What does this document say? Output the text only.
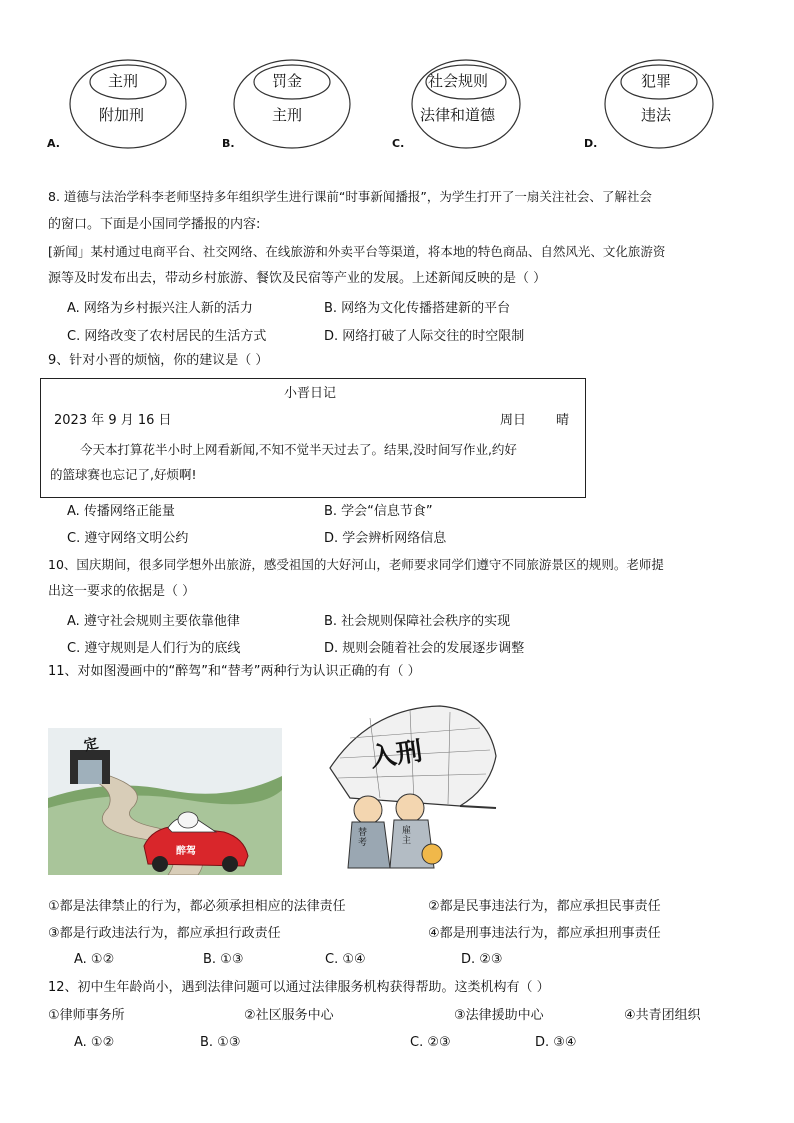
主刑
附加刑
A.
罚金
主刑
B.
社会规则
法律和道德
C.
犯罪
违法
D.
8. 道德与法治学科李老师坚持多年组织学生进行课前“时事新闻播报”，为学生打开了一扇关注社会、了解社会
的窗口。下面是小国同学播报的内容:
[新闻」某村通过电商平台、社交网络、在线旅游和外卖平台等渠道，将本地的特色商品、自然风光、文化旅游资
源等及时发布出去，带动乡村旅游、餐饮及民宿等产业的发展。上述新闻反映的是（ ）
A. 网络为乡村振兴注人新的活力	B. 网络为文化传播搭建新的平台
C. 网络改变了农村居民的生活方式	D. 网络打破了人际交往的时空限制
9、针对小晋的烦恼，你的建议是（ ）
小晋日记
2023 年 9 月 16 日	周日 晴
今天本打算花半小时上网看新闻,不知不觉半天过去了。结果,没时间写作业,约好
的篮球赛也忘记了,好烦啊!
A. 传播网络正能量	B. 学会“信息节食”
C. 遵守网络文明公约	D. 学会辨析网络信息
10、国庆期间，很多同学想外出旅游，感受祖国的大好河山，老师要求同学们遵守不同旅游景区的规则。老师提
出这一要求的依据是（ ）
A. 遵守社会规则主要依靠他律	B. 社会规则保障社会秩序的实现
C. 遵守规则是人们行为的底线	D. 规则会随着社会的发展逐步调整
11、对如图漫画中的“醉驾”和“替考”两种行为认识正确的有（ ）
定
醉驾
入刑
替考
雇主
①都是法律禁止的行为，都必须承担相应的法律责任	②都是民事违法行为，都应承担民事责任
③都是行政违法行为，都应承担行政责任	④都是刑事违法行为，都应承担刑事责任
A. ①②	B. ①③	C. ①④	D. ②③
12、初中生年龄尚小，遇到法律问题可以通过法律服务机构获得帮助。这类机构有（ ）
①律师事务所	②社区服务中心	③法律援助中心	④共青团组织
A. ①②	B. ①③	C. ②③	D. ③④
